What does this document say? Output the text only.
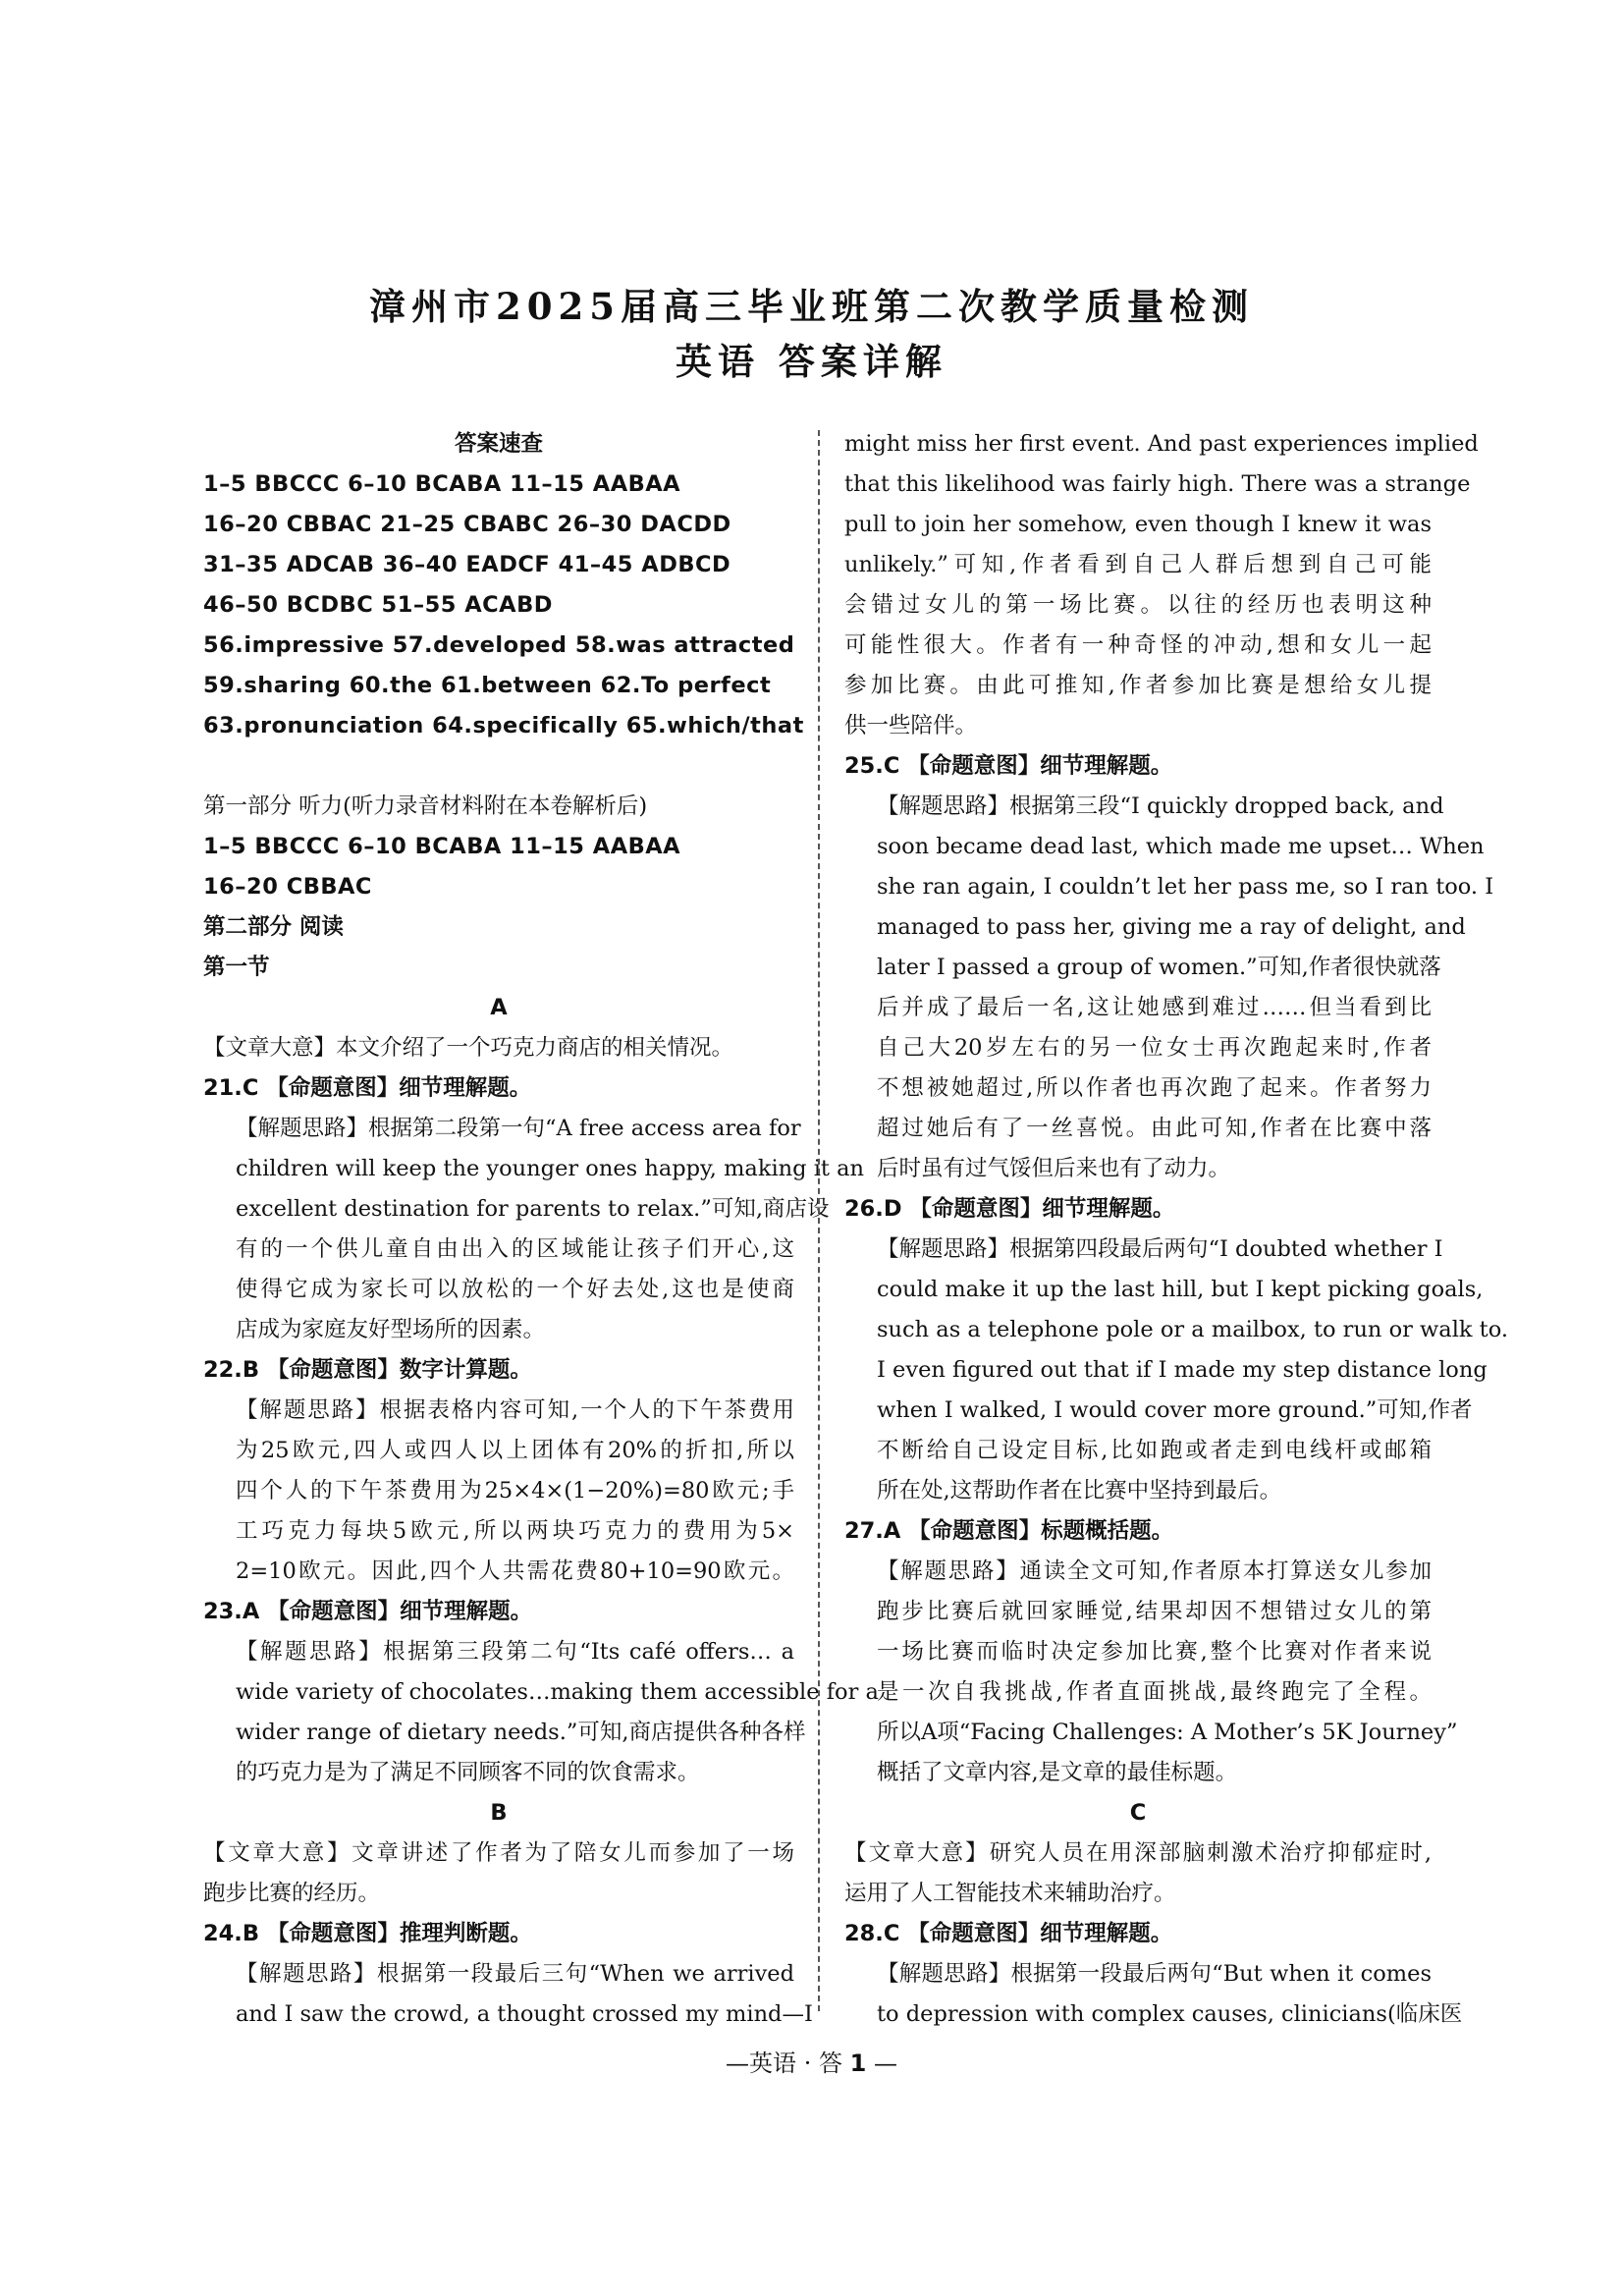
漳州市2025届高三毕业班第二次教学质量检测
英语 答案详解
答案速查
1–5 BBCCC 6–10 BCABA 11–15 AABAA
16–20 CBBAC 21–25 CBABC 26–30 DACDD
31–35 ADCAB 36–40 EADCF 41–45 ADBCD
46–50 BCDBC 51–55 ACABD
56.impressive 57.developed 58.was attracted
59.sharing 60.the 61.between 62.To perfect
63.pronunciation 64.specifically 65.which/that
第一部分 听力(听力录音材料附在本卷解析后)
1–5 BBCCC 6–10 BCABA 11–15 AABAA
16–20 CBBAC
第二部分 阅读
第一节
A
【文章大意】本文介绍了一个巧克力商店的相关情况。
21.C 【命题意图】细节理解题。
【解题思路】根据第二段第一句“A free access area for
children will keep the younger ones happy, making it an
excellent destination for parents to relax.”可知,商店设
有的一个供儿童自由出入的区域能让孩子们开心,这
使得它成为家长可以放松的一个好去处,这也是使商
店成为家庭友好型场所的因素。
22.B 【命题意图】数字计算题。
【解题思路】根据表格内容可知,一个人的下午茶费用
为25欧元,四人或四人以上团体有20%的折扣,所以
四个人的下午茶费用为25×4×(1−20%)=80欧元;手
工巧克力每块5欧元,所以两块巧克力的费用为5×
2=10欧元。因此,四个人共需花费80+10=90欧元。
23.A 【命题意图】细节理解题。
【解题思路】根据第三段第二句“Its café offers… a
wide variety of chocolates…making them accessible for a
wider range of dietary needs.”可知,商店提供各种各样
的巧克力是为了满足不同顾客不同的饮食需求。
B
【文章大意】文章讲述了作者为了陪女儿而参加了一场
跑步比赛的经历。
24.B 【命题意图】推理判断题。
【解题思路】根据第一段最后三句“When we arrived
and I saw the crowd, a thought crossed my mind—I
might miss her first event. And past experiences implied
that this likelihood was fairly high. There was a strange
pull to join her somehow, even though I knew it was
unlikely.”可知,作者看到自己人群后想到自己可能
会错过女儿的第一场比赛。以往的经历也表明这种
可能性很大。作者有一种奇怪的冲动,想和女儿一起
参加比赛。由此可推知,作者参加比赛是想给女儿提
供一些陪伴。
25.C 【命题意图】细节理解题。
【解题思路】根据第三段“I quickly dropped back, and
soon became dead last, which made me upset… When
she ran again, I couldn’t let her pass me, so I ran too. I
managed to pass her, giving me a ray of delight, and
later I passed a group of women.”可知,作者很快就落
后并成了最后一名,这让她感到难过……但当看到比
自己大20岁左右的另一位女士再次跑起来时,作者
不想被她超过,所以作者也再次跑了起来。作者努力
超过她后有了一丝喜悦。由此可知,作者在比赛中落
后时虽有过气馁但后来也有了动力。
26.D 【命题意图】细节理解题。
【解题思路】根据第四段最后两句“I doubted whether I
could make it up the last hill, but I kept picking goals,
such as a telephone pole or a mailbox, to run or walk to.
I even figured out that if I made my step distance long
when I walked, I would cover more ground.”可知,作者
不断给自己设定目标,比如跑或者走到电线杆或邮箱
所在处,这帮助作者在比赛中坚持到最后。
27.A 【命题意图】标题概括题。
【解题思路】通读全文可知,作者原本打算送女儿参加
跑步比赛后就回家睡觉,结果却因不想错过女儿的第
一场比赛而临时决定参加比赛,整个比赛对作者来说
是一次自我挑战,作者直面挑战,最终跑完了全程。
所以A项“Facing Challenges: A Mother’s 5K Journey”
概括了文章内容,是文章的最佳标题。
C
【文章大意】研究人员在用深部脑刺激术治疗抑郁症时,
运用了人工智能技术来辅助治疗。
28.C 【命题意图】细节理解题。
【解题思路】根据第一段最后两句“But when it comes
to depression with complex causes, clinicians(临床医
—英语 · 答 1 —
